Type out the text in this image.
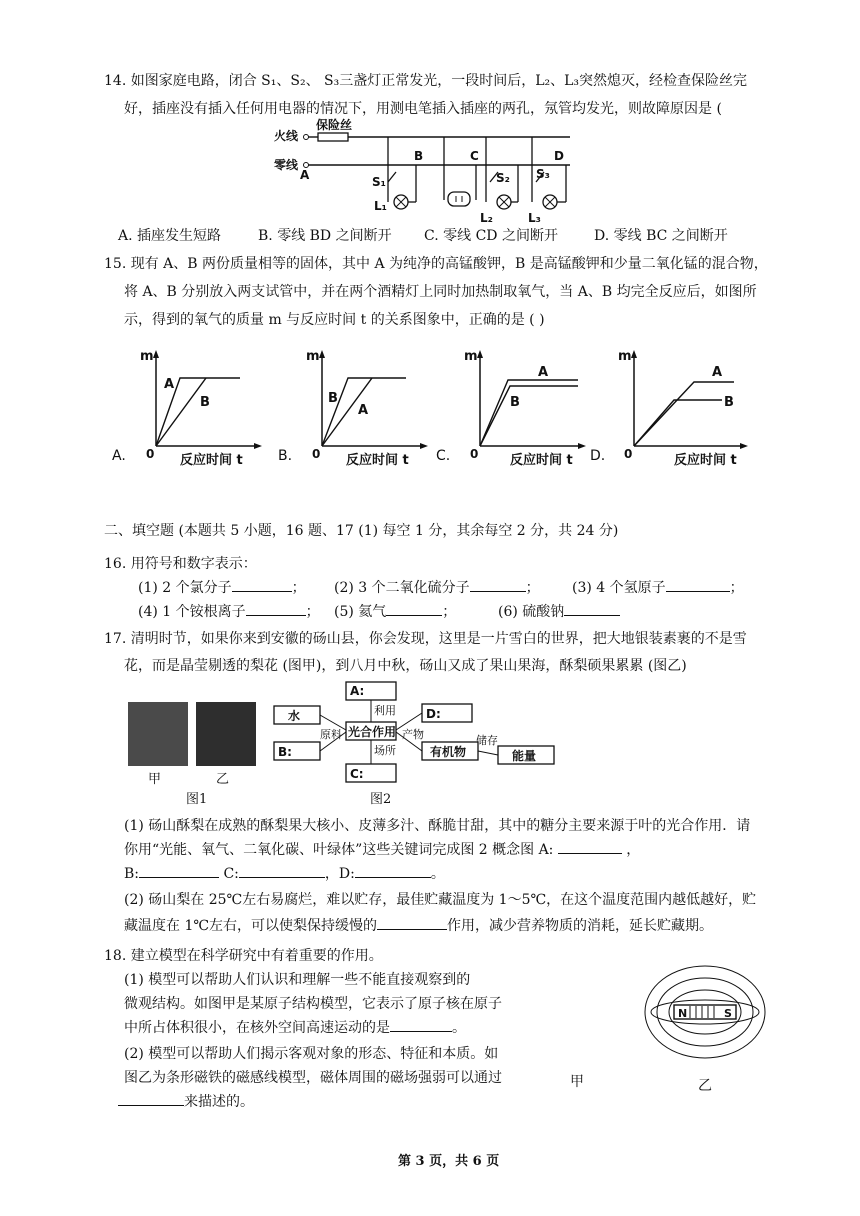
14. 如图家庭电路，闭合 S₁、S₂、 S₃三盏灯正常发光，一段时间后，L₂、L₃突然熄灭，经检查保险丝完
好，插座没有插入任何用电器的情况下，用测电笔插入插座的两孔，氖管均发光，则故障原因是 (
火线
零线
保险丝
A
B	C	D
S₁
L₁
S₂
L₂
S₃
L₃
A. 插座发生短路	B. 零线 BD 之间断开 C. 零线 CD 之间断开	D. 零线 BC 之间断开
15. 现有 A、B 两份质量相等的固体，其中 A 为纯净的高锰酸钾，B 是高锰酸钾和少量二氧化锰的混合物，
将 A、B 分别放入两支试管中，并在两个酒精灯上同时加热制取氧气，当 A、B 均完全反应后，如图所
示，得到的氧气的质量 m 与反应时间 t 的关系图象中，正确的是 ( )
A.
m
0 反应时间 t
A
B
B.
m
0 反应时间 t
B
A
C.
m
0 反应时间 t
A
B
D.
m
0	反应时间 t
A
B
二、填空题 (本题共 5 小题，16 题、17 (1) 每空 1 分，其余每空 2 分，共 24 分)
16. 用符号和数字表示：
(1) 2 个氯分子	； (2) 3 个二氧化硫分子	； (3) 4 个氢原子	；
(4) 1 个铵根离子	； (5) 氦气	；	(6) 硫酸钠
17. 清明时节，如果你来到安徽的砀山县，你会发现，这里是一片雪白的世界，把大地银装素裹的不是雪
花，而是晶莹剔透的梨花 (图甲)，到八月中秋，砀山又成了果山果海，酥梨硕果累累 (图乙)
甲	乙
图1
A:
水
B:
光合作用
D:
有机物	能量
C:
利用
原料	产物
场所
储存
图2
(1) 砀山酥梨在成熟的酥梨果大核小、皮薄多汁、酥脆甘甜，其中的糖分主要来源于叶的光合作用．请
你用“光能、氧气、二氧化碳、叶绿体”这些关键词完成图 2 概念图 A:	，
B:	C:	，D:	。
(2) 砀山梨在 25℃左右易腐烂，难以贮存，最佳贮藏温度为 1～5℃，在这个温度范围内越低越好，贮
藏温度在 1℃左右，可以使梨保持缓慢的	作用，减少营养物质的消耗，延长贮藏期。
18. 建立模型在科学研究中有着重要的作用。
(1) 模型可以帮助人们认识和理解一些不能直接观察到的
微观结构。如图甲是某原子结构模型，它表示了原子核在原子
中所占体积很小，在核外空间高速运动的是	。
(2) 模型可以帮助人们揭示客观对象的形态、特征和本质。如
图乙为条形磁铁的磁感线模型，磁体周围的磁场强弱可以通过
来描述的。
N	S
甲	乙
第 3 页，共 6 页
